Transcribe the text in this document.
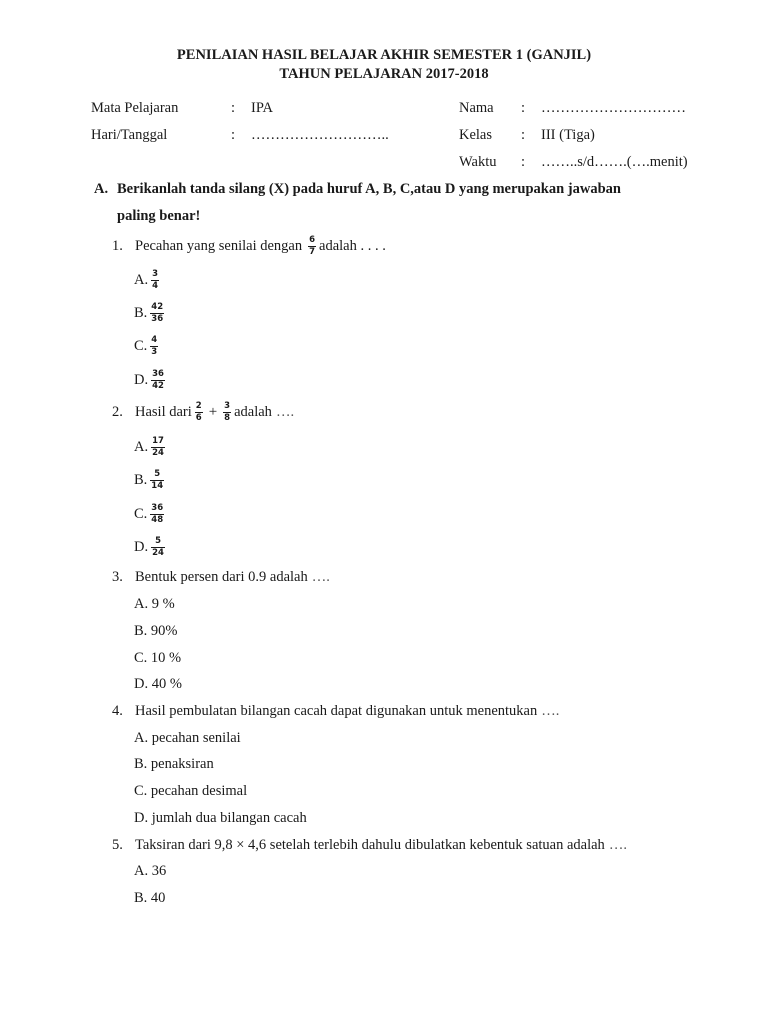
PENILAIAN HASIL BELAJAR AKHIR SEMESTER 1 (GANJIL)
TAHUN PELAJARAN 2017-2018
Mata Pelajaran	: IPA
Hari/Tanggal	: ………………………..
Nama : …………………………
Kelas : III (Tiga)
Waktu : ……..s/d…….(….menit)
A. Berikanlah tanda silang (X) pada huruf A, B, C,atau D yang merupakan jawaban
paling benar!
1. Pecahan yang senilai dengan $\frac{6}{7}$ adalah . . . .
A. $\frac{3}{4}$
B. $\frac{42}{36}$
C. $\frac{4}{3}$
D. $\frac{36}{42}$
2. Hasil dari $\frac{2}{6} + \frac{3}{8}$ adalah ….
A. $\frac{17}{24}$
B. $\frac{5}{14}$
C. $\frac{36}{48}$
D. $\frac{5}{24}$
3. Bentuk persen dari 0.9 adalah ….
A. 9 %
B. 90%
C. 10 %
D. 40 %
4. Hasil pembulatan bilangan cacah dapat digunakan untuk menentukan ….
A. pecahan senilai
B. penaksiran
C. pecahan desimal
D. jumlah dua bilangan cacah
5. Taksiran dari 9,8 × 4,6 setelah terlebih dahulu dibulatkan kebentuk satuan adalah ….
A. 36
B. 40
